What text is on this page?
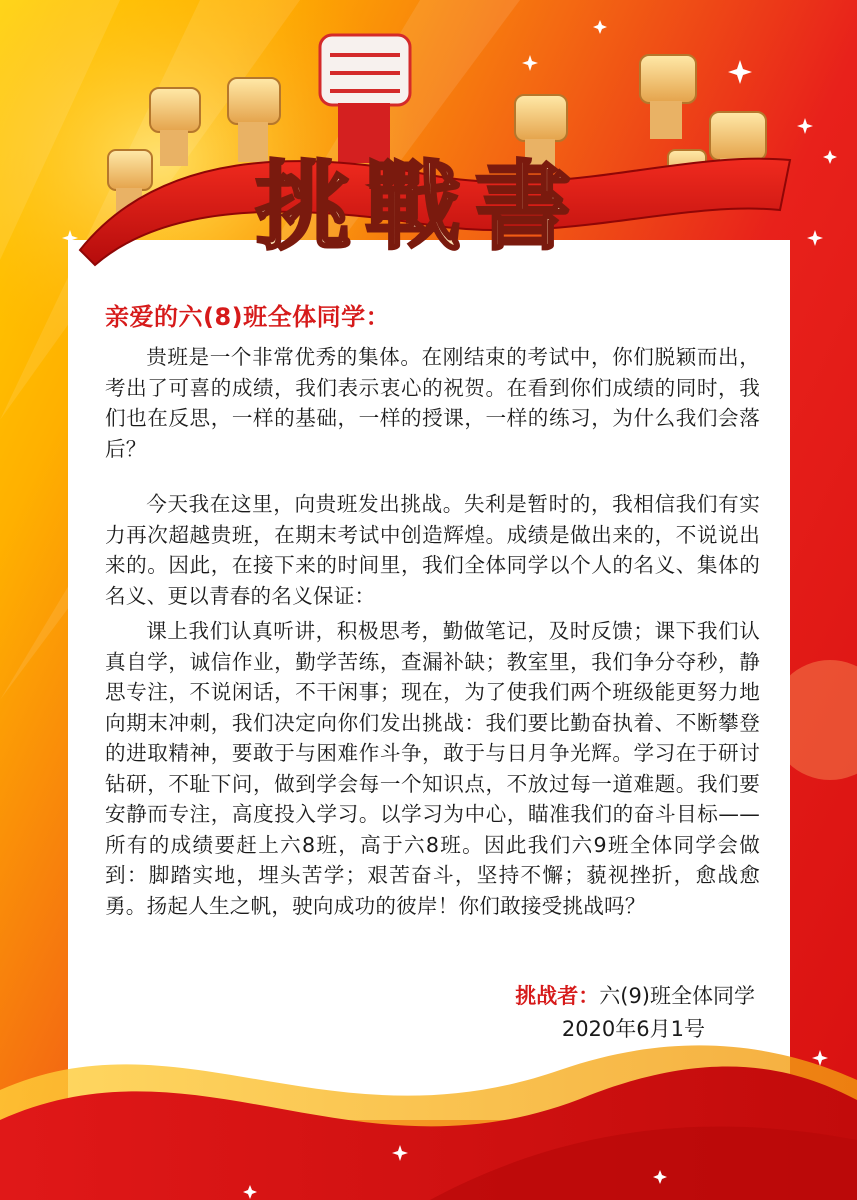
挑戰書
亲爱的六(8)班全体同学：
贵班是一个非常优秀的集体。在刚结束的考试中，你们脱颖而出，考出了可喜的成绩，我们表示衷心的祝贺。在看到你们成绩的同时，我们也在反思，一样的基础，一样的授课，一样的练习，为什么我们会落后？
今天我在这里，向贵班发出挑战。失利是暂时的，我相信我们有实力再次超越贵班，在期末考试中创造辉煌。成绩是做出来的，不说说出来的。因此，在接下来的时间里，我们全体同学以个人的名义、集体的名义、更以青春的名义保证：
课上我们认真听讲，积极思考，勤做笔记，及时反馈；课下我们认真自学，诚信作业，勤学苦练，查漏补缺；教室里，我们争分夺秒，静思专注，不说闲话，不干闲事；现在，为了使我们两个班级能更努力地向期末冲刺，我们决定向你们发出挑战：我们要比勤奋执着、不断攀登的进取精神，要敢于与困难作斗争，敢于与日月争光辉。学习在于研讨钻研，不耻下问，做到学会每一个知识点，不放过每一道难题。我们要安静而专注，高度投入学习。以学习为中心，瞄准我们的奋斗目标——所有的成绩要赶上六8班，高于六8班。因此我们六9班全体同学会做到：脚踏实地，埋头苦学；艰苦奋斗，坚持不懈；藐视挫折，愈战愈勇。扬起人生之帆，驶向成功的彼岸！你们敢接受挑战吗？
挑战者：六(9)班全体同学
2020年6月1号
